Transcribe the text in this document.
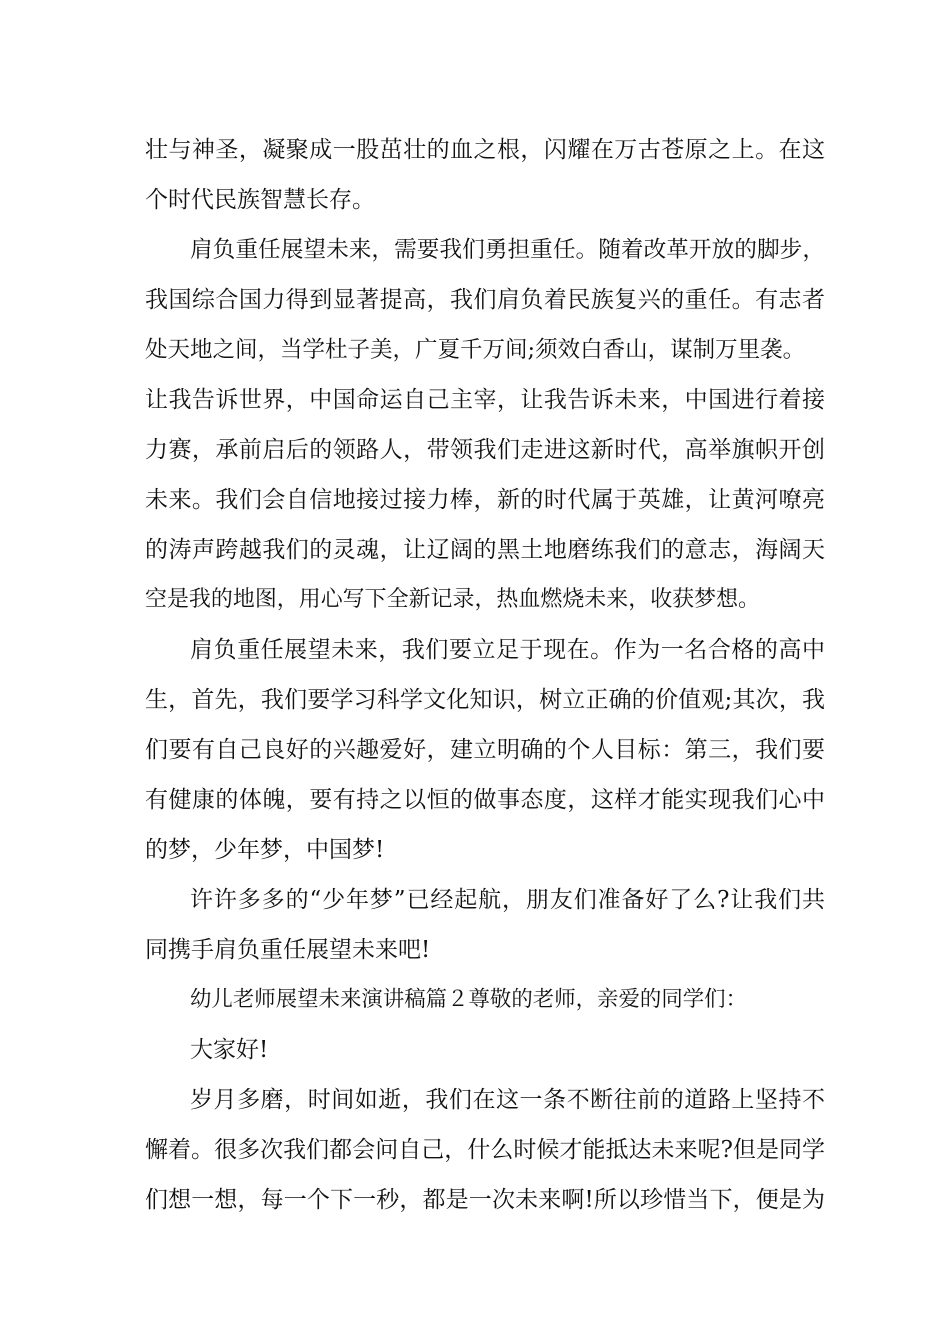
壮与神圣，凝聚成一股茁壮的血之根，闪耀在万古苍原之上。在这
个时代民族智慧长存。
肩负重任展望未来，需要我们勇担重任。随着改革开放的脚步，
我国综合国力得到显著提高，我们肩负着民族复兴的重任。有志者
处天地之间，当学杜子美，广夏千万间;须效白香山，谋制万里袭。
让我告诉世界，中国命运自己主宰，让我告诉未来，中国进行着接
力赛，承前启后的领路人，带领我们走进这新时代，高举旗帜开创
未来。我们会自信地接过接力棒，新的时代属于英雄，让黄河嘹亮
的涛声跨越我们的灵魂，让辽阔的黑土地磨练我们的意志，海阔天
空是我的地图，用心写下全新记录，热血燃烧未来，收获梦想。
肩负重任展望未来，我们要立足于现在。作为一名合格的高中
生，首先，我们要学习科学文化知识，树立正确的价值观;其次，我
们要有自己良好的兴趣爱好，建立明确的个人目标：第三，我们要
有健康的体魄，要有持之以恒的做事态度，这样才能实现我们心中
的梦，少年梦，中国梦!
许许多多的“少年梦”已经起航，朋友们准备好了么?让我们共
同携手肩负重任展望未来吧!
幼儿老师展望未来演讲稿篇２尊敬的老师，亲爱的同学们：
大家好!
岁月多磨，时间如逝，我们在这一条不断往前的道路上坚持不
懈着。很多次我们都会问自己，什么时候才能抵达未来呢?但是同学
们想一想，每一个下一秒，都是一次未来啊!所以珍惜当下，便是为
